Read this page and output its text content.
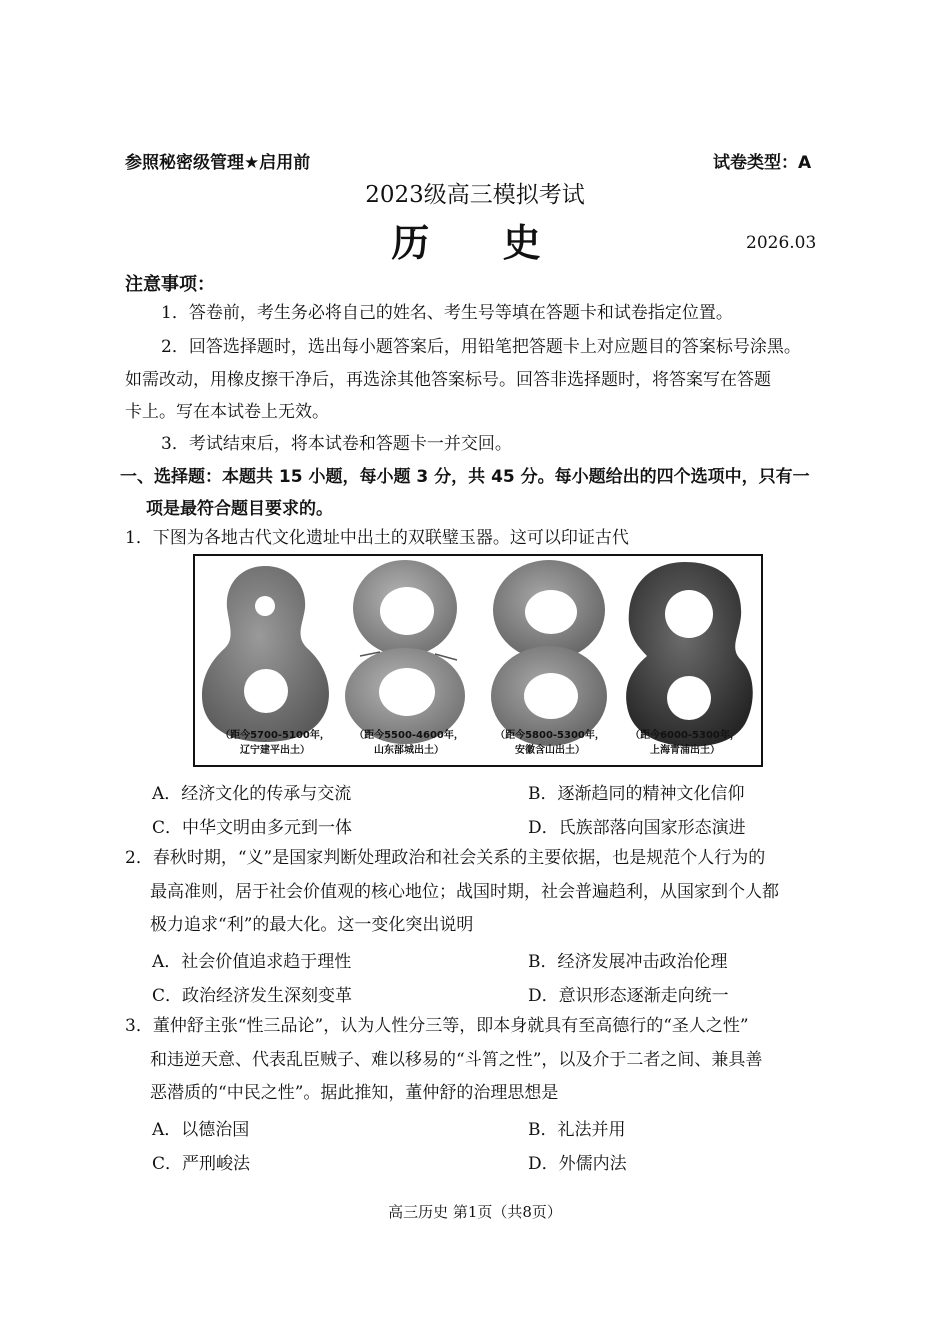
参照秘密级管理★启用前	试卷类型：A
2023级高三模拟考试
历 史	2026.03
注意事项：
1．答卷前，考生务必将自己的姓名、考生号等填在答题卡和试卷指定位置。
2．回答选择题时，选出每小题答案后，用铅笔把答题卡上对应题目的答案标号涂黑。
如需改动，用橡皮擦干净后，再选涂其他答案标号。回答非选择题时，将答案写在答题
卡上。写在本试卷上无效。
3．考试结束后，将本试卷和答题卡一并交回。
一、选择题：本题共 15 小题，每小题 3 分，共 45 分。每小题给出的四个选项中，只有一
项是最符合题目要求的。
1．下图为各地古代文化遗址中出土的双联璧玉器。这可以印证古代
（距今5700-5100年，
辽宁建平出土）
（距今5500-4600年，
山东郚城出土）
（距今5800-5300年，
安徽含山出土）
（距今6000-5300年，
上海青浦出土）
A．经济文化的传承与交流	B．逐渐趋同的精神文化信仰
C．中华文明由多元到一体	D．氏族部落向国家形态演进
2．春秋时期，“义”是国家判断处理政治和社会关系的主要依据，也是规范个人行为的
最高准则，居于社会价值观的核心地位；战国时期，社会普遍趋利，从国家到个人都
极力追求“利”的最大化。这一变化突出说明
A．社会价值追求趋于理性	B．经济发展冲击政治伦理
C．政治经济发生深刻变革	D．意识形态逐渐走向统一
3．董仲舒主张“性三品论”，认为人性分三等，即本身就具有至高德行的“圣人之性”
和违逆天意、代表乱臣贼子、难以移易的“斗筲之性”，以及介于二者之间、兼具善
恶潜质的“中民之性”。据此推知，董仲舒的治理思想是
A．以德治国	B．礼法并用
C．严刑峻法	D．外儒内法
高三历史 第1页（共8页）
